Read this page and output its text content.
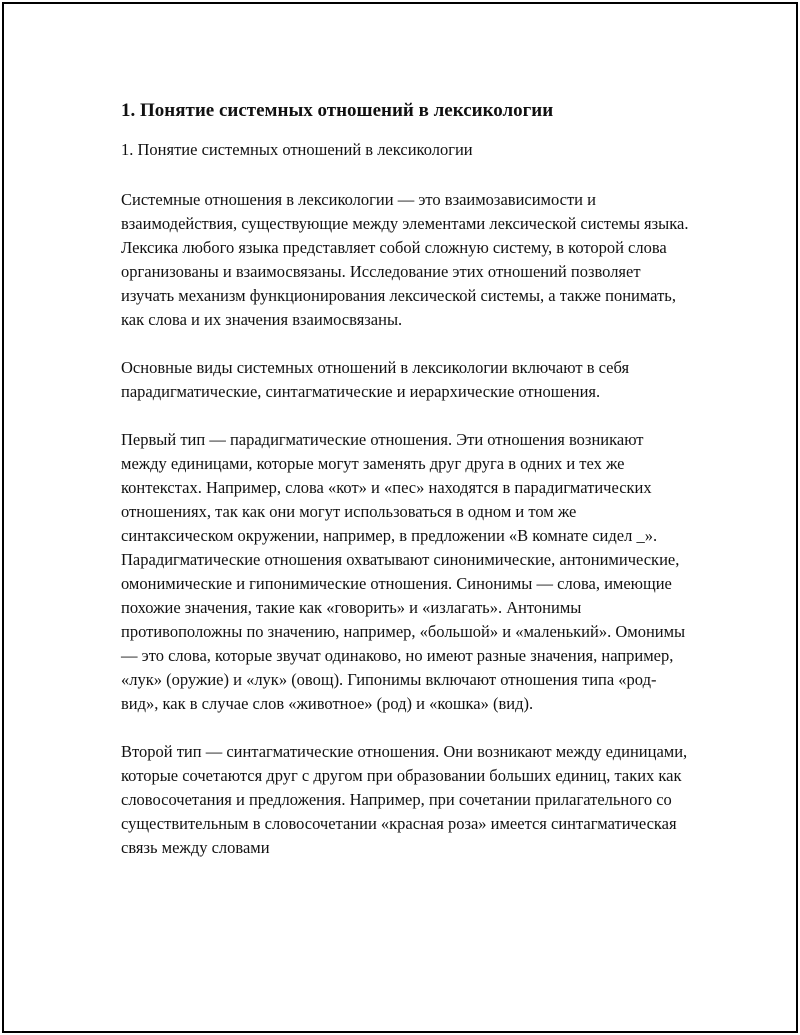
1. Понятие системных отношений в лексикологии
1. Понятие системных отношений в лексикологии

Системные отношения в лексикологии — это взаимозависимости и взаимодействия, существующие между элементами лексической системы языка. Лексика любого языка представляет собой сложную систему, в которой слова организованы и взаимосвязаны. Исследование этих отношений позволяет изучать механизм функционирования лексической системы, а также понимать, как слова и их значения взаимосвязаны.

Основные виды системных отношений в лексикологии включают в себя парадигматические, синтагматические и иерархические отношения.

Первый тип — парадигматические отношения. Эти отношения возникают между единицами, которые могут заменять друг друга в одних и тех же контекстах. Например, слова «кот» и «пес» находятся в парадигматических отношениях, так как они могут использоваться в одном и том же синтаксическом окружении, например, в предложении «В комнате сидел _». Парадигматические отношения охватывают синонимические, антонимические, омонимические и гипонимические отношения. Синонимы — слова, имеющие похожие значения, такие как «говорить» и «излагать». Антонимы противоположны по значению, например, «большой» и «маленький». Омонимы — это слова, которые звучат одинаково, но имеют разные значения, например, «лук» (оружие) и «лук» (овощ). Гипонимы включают отношения типа «род-вид», как в случае слов «животное» (род) и «кошка» (вид).

Второй тип — синтагматические отношения. Они возникают между единицами, которые сочетаются друг с другом при образовании больших единиц, таких как словосочетания и предложения. Например, при сочетании прилагательного со существительным в словосочетании «красная роза» имеется синтагматическая связь между словами
